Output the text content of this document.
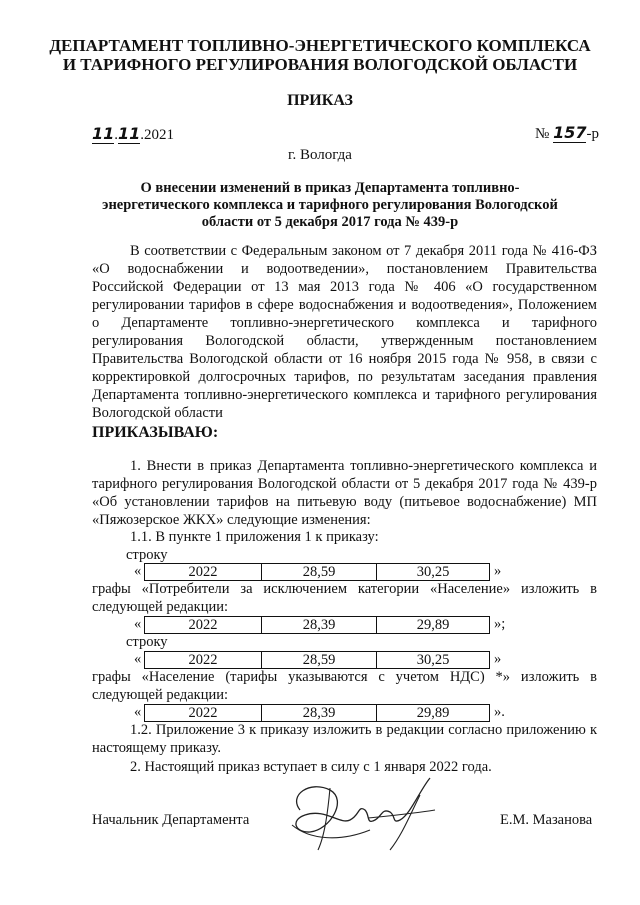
ДЕПАРТАМЕНТ ТОПЛИВНО-ЭНЕРГЕТИЧЕСКОГО КОМПЛЕКСА
И ТАРИФНОГО РЕГУЛИРОВАНИЯ ВОЛОГОДСКОЙ ОБЛАСТИ
ПРИКАЗ
11.11.2021	№ 157-р
г. Вологда
О внесении изменений в приказ Департамента топливно-энергетического комплекса и тарифного регулирования Вологодской области от 5 декабря 2017 года № 439-р

В соответствии с Федеральным законом от 7 декабря 2011 года № 416-ФЗ «О водоснабжении и водоотведении», постановлением Правительства Российской Федерации от 13 мая 2013 года № 406 «О государственном регулировании тарифов в сфере водоснабжения и водоотведения», Положением о Департаменте топливно-энергетического комплекса и тарифного регулирования Вологодской области, утвержденным постановлением Правительства Вологодской области от 16 ноября 2015 года № 958, в связи с корректировкой долгосрочных тарифов, по результатам заседания правления Департамента топливно-энергетического комплекса и тарифного регулирования Вологодской области

ПРИКАЗЫВАЮ:

1. Внести в приказ Департамента топливно-энергетического комплекса и тарифного регулирования Вологодской области от 5 декабря 2017 года № 439-р «Об установлении тарифов на питьевую воду (питьевое водоснабжение) МП «Пяжозерское ЖКХ» следующие изменения:

1.1. В пункте 1 приложения 1 к приказу:
строку
«	2022	28,59	30,25	»
графы «Потребители за исключением категории «Население» изложить в
следующей редакции:
«	2022	28,39	29,89	»;
строку
«	2022	28,59	30,25	»
графы «Население (тарифы указываются с учетом НДС) *» изложить в
следующей редакции:
«	2022	28,39	29,89	».

1.2. Приложение 3 к приказу изложить в редакции согласно приложению к настоящему приказу.

2. Настоящий приказ вступает в силу с 1 января 2022 года.
Начальник Департамента	Е.М. Мазанова
